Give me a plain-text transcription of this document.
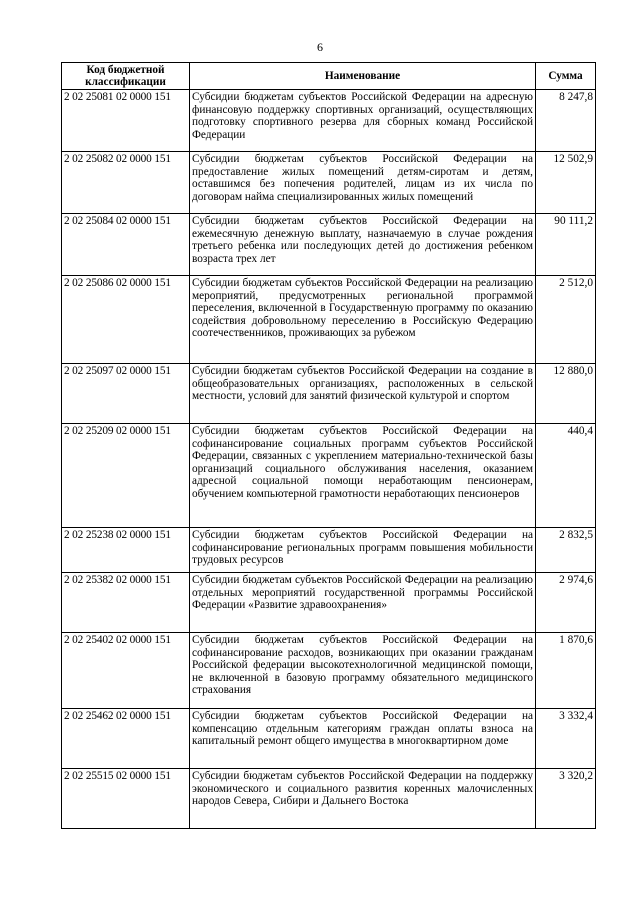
6
Код бюджетной классификации	Наименование	Сумма
2 02 25081 02 0000 151	Субсидии бюджетам субъектов Российской Федерации на адресную финансовую поддержку спортивных организаций, осуществляющих подготовку спортивного резерва для сборных команд Российской Федерации	8 247,8
2 02 25082 02 0000 151	Субсидии бюджетам субъектов Российской Федерации на предоставление жилых помещений детям-сиротам и детям, оставшимся без попечения родителей, лицам из их числа по договорам найма специализированных жилых помещений	12 502,9
2 02 25084 02 0000 151	Субсидии бюджетам субъектов Российской Федерации на ежемесячную денежную выплату, назначаемую в случае рождения третьего ребенка или последующих детей до достижения ребенком возраста трех лет	90 111,2
2 02 25086 02 0000 151	Субсидии бюджетам субъектов Российской Федерации на реализацию мероприятий, предусмотренных региональной программой переселения, включенной в Государственную программу по оказанию содействия добровольному переселению в Российскую Федерацию соотечественников, проживающих за рубежом	2 512,0
2 02 25097 02 0000 151	Субсидии бюджетам субъектов Российской Федерации на создание в общеобразовательных организациях, расположенных в сельской местности, условий для занятий физической культурой и спортом	12 880,0
2 02 25209 02 0000 151	Субсидии бюджетам субъектов Российской Федерации на софинансирование социальных программ субъектов Российской Федерации, связанных с укреплением материально-технической базы организаций социального обслуживания населения, оказанием адресной социальной помощи неработающим пенсионерам, обучением компьютерной грамотности неработающих пенсионеров	440,4
2 02 25238 02 0000 151	Субсидии бюджетам субъектов Российской Федерации на софинансирование региональных программ повышения мобильности трудовых ресурсов	2 832,5
2 02 25382 02 0000 151	Субсидии бюджетам субъектов Российской Федерации на реализацию отдельных мероприятий государственной программы Российской Федерации «Развитие здравоохранения»	2 974,6
2 02 25402 02 0000 151	Субсидии бюджетам субъектов Российской Федерации на софинансирование расходов, возникающих при оказании гражданам Российской федерации высокотехнологичной медицинской помощи, не включенной в базовую программу обязательного медицинского страхования	1 870,6
2 02 25462 02 0000 151	Субсидии бюджетам субъектов Российской Федерации на компенсацию отдельным категориям граждан оплаты взноса на капитальный ремонт общего имущества в многоквартирном доме	3 332,4
2 02 25515 02 0000 151	Субсидии бюджетам субъектов Российской Федерации на поддержку экономического и социального развития коренных малочисленных народов Севера, Сибири и Дальнего Востока	3 320,2
